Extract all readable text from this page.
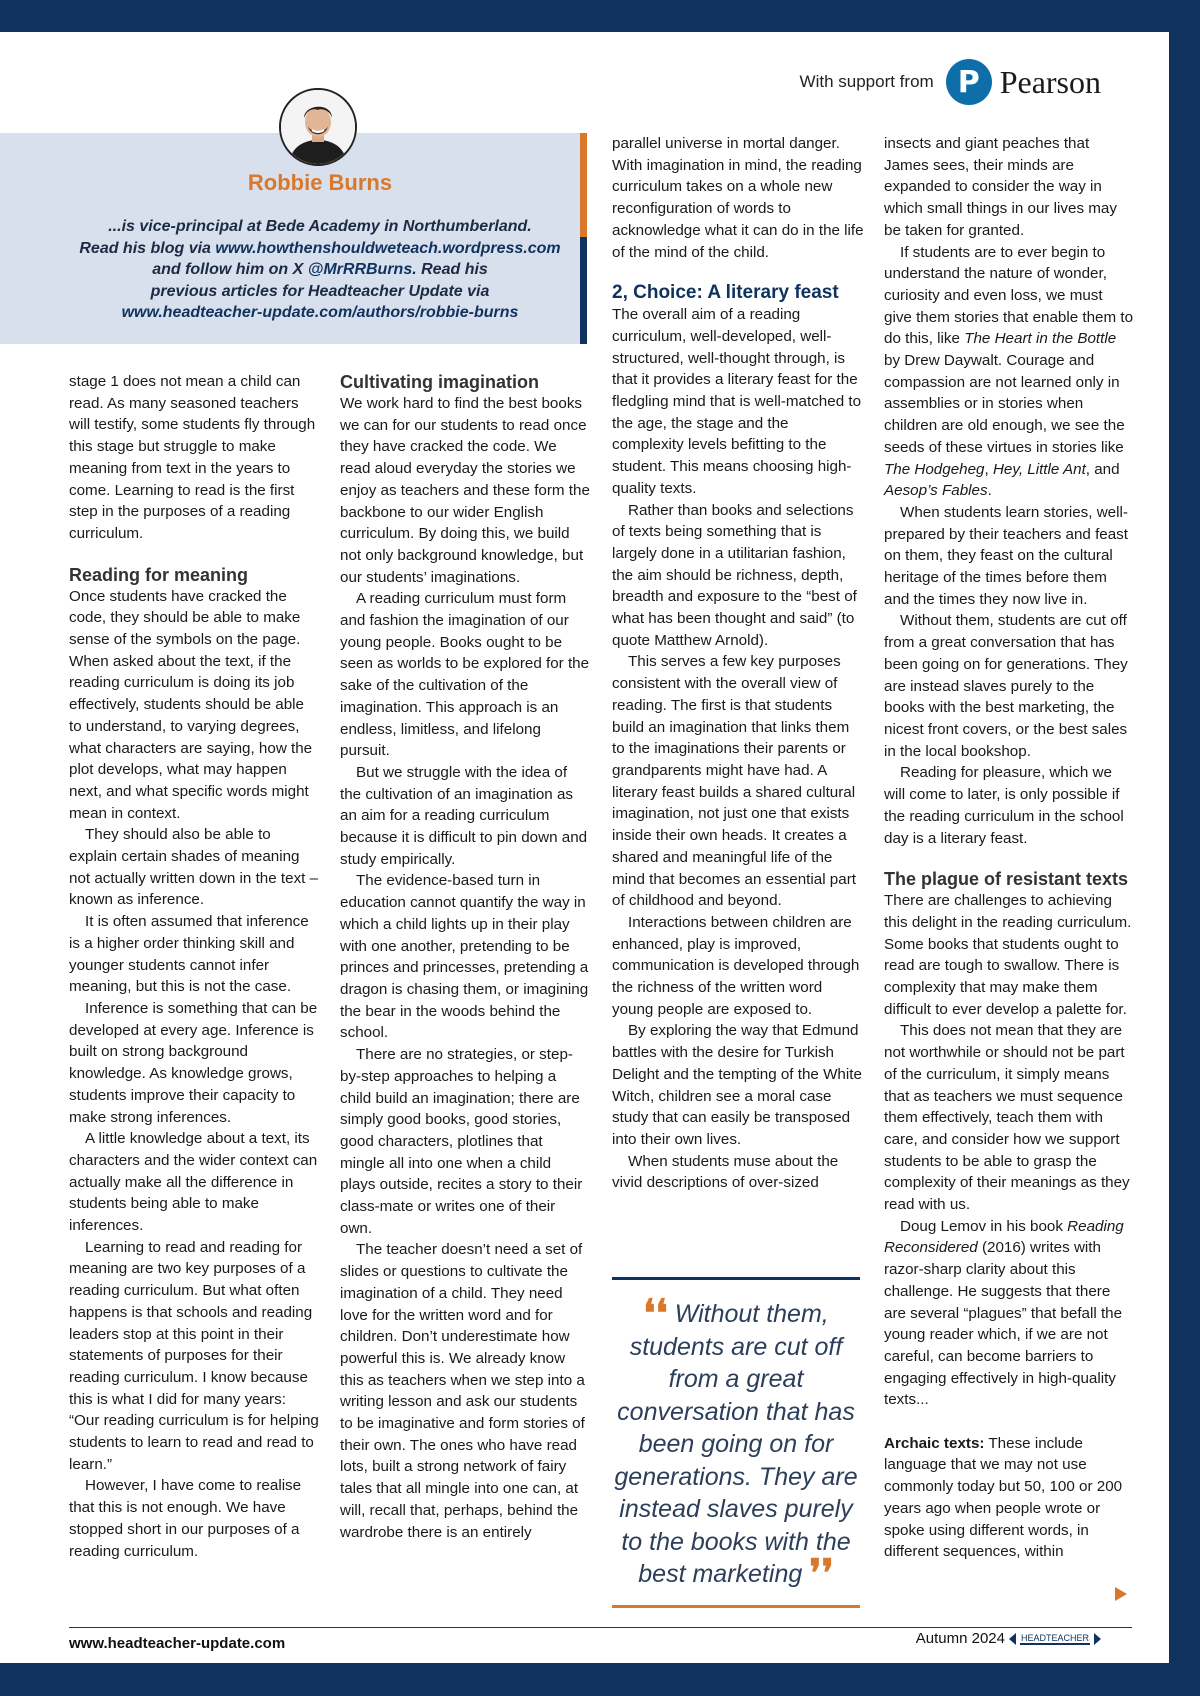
With support from P Pearson
Robbie Burns
...is vice-principal at Bede Academy in Northumberland.
Read his blog via www.howthenshouldweteach.wordpress.com
and follow him on X @MrRRBurns. Read his
previous articles for Headteacher Update via
www.headteacher-update.com/authors/robbie-burns

stage 1 does not mean a child can read. As many seasoned teachers will testify, some students fly through this stage but struggle to make meaning from text in the years to come. Learning to read is the first step in the purposes of a reading curriculum.

Reading for meaning

Once students have cracked the code, they should be able to make sense of the symbols on the page. When asked about the text, if the reading curriculum is doing its job effectively, students should be able to understand, to varying degrees, what characters are saying, how the plot develops, what may happen next, and what specific words might mean in context.

They should also be able to explain certain shades of meaning not actually written down in the text – known as inference.

It is often assumed that inference is a higher order thinking skill and younger students cannot infer meaning, but this is not the case.

Inference is something that can be developed at every age. Inference is built on strong background knowledge. As knowledge grows, students improve their capacity to make strong inferences.

A little knowledge about a text, its characters and the wider context can actually make all the difference in students being able to make inferences.

Learning to read and reading for meaning are two key purposes of a reading curriculum. But what often happens is that schools and reading leaders stop at this point in their statements of purposes for their reading curriculum. I know because this is what I did for many years: “Our reading curriculum is for helping students to learn to read and read to learn.”

However, I have come to realise that this is not enough. We have stopped short in our purposes of a reading curriculum.

Cultivating imagination

We work hard to find the best books we can for our students to read once they have cracked the code. We read aloud everyday the stories we enjoy as teachers and these form the backbone to our wider English curriculum. By doing this, we build not only background knowledge, but our students’ imaginations.

A reading curriculum must form and fashion the imagination of our young people. Books ought to be seen as worlds to be explored for the sake of the cultivation of the imagination. This approach is an endless, limitless, and lifelong pursuit.

But we struggle with the idea of the cultivation of an imagination as an aim for a reading curriculum because it is difficult to pin down and study empirically.

The evidence-based turn in education cannot quantify the way in which a child lights up in their play with one another, pretending to be princes and princesses, pretending a dragon is chasing them, or imagining the bear in the woods behind the school.

There are no strategies, or step-by-step approaches to helping a child build an imagination; there are simply good books, good stories, good characters, plotlines that mingle all into one when a child plays outside, recites a story to their class-mate or writes one of their own.

The teacher doesn’t need a set of slides or questions to cultivate the imagination of a child. They need love for the written word and for children. Don’t underestimate how powerful this is. We already know this as teachers when we step into a writing lesson and ask our students to be imaginative and form stories of their own. The ones who have read lots, built a strong network of fairy tales that all mingle into one can, at will, recall that, perhaps, behind the wardrobe there is an entirely

parallel universe in mortal danger. With imagination in mind, the reading curriculum takes on a whole new reconfiguration of words to acknowledge what it can do in the life of the mind of the child.

2, Choice: A literary feast

The overall aim of a reading curriculum, well-developed, well-structured, well-thought through, is that it provides a literary feast for the fledgling mind that is well-matched to the age, the stage and the complexity levels befitting to the student. This means choosing high-quality texts.

Rather than books and selections of texts being something that is largely done in a utilitarian fashion, the aim should be richness, depth, breadth and exposure to the “best of what has been thought and said” (to quote Matthew Arnold).

This serves a few key purposes consistent with the overall view of reading. The first is that students build an imagination that links them to the imaginations their parents or grandparents might have had. A literary feast builds a shared cultural imagination, not just one that exists inside their own heads. It creates a shared and meaningful life of the mind that becomes an essential part of childhood and beyond.

Interactions between children are enhanced, play is improved, communication is developed through the richness of the written word young people are exposed to.

By exploring the way that Edmund battles with the desire for Turkish Delight and the tempting of the White Witch, children see a moral case study that can easily be transposed into their own lives.

When students muse about the vivid descriptions of over-sized

❛❛ Without them, students are cut off from a great conversation that has been going on for generations. They are instead slaves purely to the books with the best marketing ❜❜

insects and giant peaches that James sees, their minds are expanded to consider the way in which small things in our lives may be taken for granted.

If students are to ever begin to understand the nature of wonder, curiosity and even loss, we must give them stories that enable them to do this, like The Heart in the Bottle by Drew Daywalt. Courage and compassion are not learned only in assemblies or in stories when children are old enough, we see the seeds of these virtues in stories like The Hodgeheg, Hey, Little Ant, and Aesop’s Fables.

When students learn stories, well-prepared by their teachers and feast on them, they feast on the cultural heritage of the times before them and the times they now live in.

Without them, students are cut off from a great conversation that has been going on for generations. They are instead slaves purely to the books with the best marketing, the nicest front covers, or the best sales in the local bookshop.

Reading for pleasure, which we will come to later, is only possible if the reading curriculum in the school day is a literary feast.

The plague of resistant texts

There are challenges to achieving this delight in the reading curriculum. Some books that students ought to read are tough to swallow. There is complexity that may make them difficult to ever develop a palette for.

This does not mean that they are not worthwhile or should not be part of the curriculum, it simply means that as teachers we must sequence them effectively, teach them with care, and consider how we support students to be able to grasp the complexity of their meanings as they read with us.

Doug Lemov in his book Reading Reconsidered (2016) writes with razor-sharp clarity about this challenge. He suggests that there are several “plagues” that befall the young reader which, if we are not careful, can become barriers to engaging effectively in high-quality texts...

Archaic texts: These include language that we may not use commonly today but 50, 100 or 200 years ago when people wrote or spoke using different words, in different sequences, within

www.headteacher-update.com	Autumn 2024 HEADTEACHER
